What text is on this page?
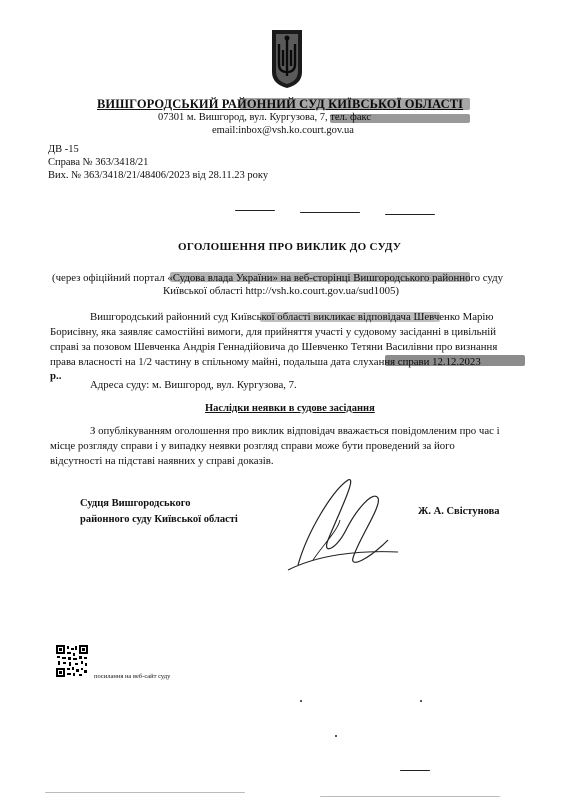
ВИШГОРОДСЬКИЙ РАЙОННИЙ СУД КИЇВСЬКОЇ ОБЛАСТІ
07301 м. Вишгород, вул. Кургузова, 7, тел. факс
email:inbox@vsh.ko.court.gov.ua
ДВ -15
Справа № 363/3418/21
Вих. № 363/3418/21/48406/2023 від 28.11.23 року
ОГОЛОШЕННЯ ПРО ВИКЛИК ДО СУДУ
(через офіційний портал «Судова влада України» на веб-сторінці Вишгородського районного суду
Київської області http://vsh.ko.court.gov.ua/sud1005)
Вишгородський районний суд Київської області викликає відповідача Шевченко Марію
Борисівну, яка заявляє самостійні вимоги, для прийняття участі у судовому засіданні в цивільній
справі за позовом Шевченка Андрія Геннадійовича до Шевченко Тетяни Василівни про визнання
права власності на 1/2 частину в спільному майні, подальша дата слухання справи 12.12.2023
р..
Адреса суду: м. Вишгород, вул. Кургузова, 7.
Наслідки неявки в судове засідання
З опублікуванням оголошення про виклик відповідач вважається повідомленим про час і
місце розгляду справи і у випадку неявки розгляд справи може бути проведений за його
відсутності на підставі наявних у справі доказів.
Судця Вишгородського
районного суду Київської області
Ж. А. Свістунова
посилання на веб-сайт суду
